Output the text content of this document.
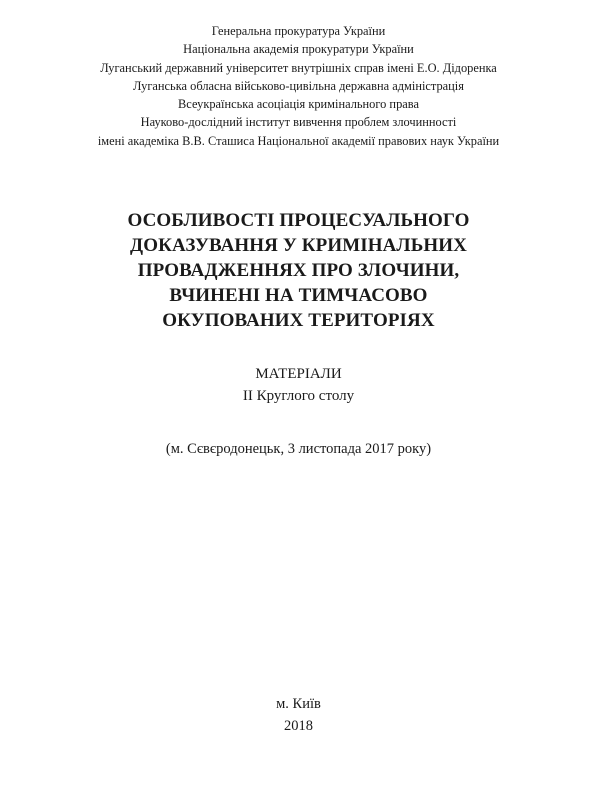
Генеральна прокуратура України
Національна академія прокуратури України
Луганський державний університет внутрішніх справ імені Е.О. Дідоренка
Луганська обласна військово-цивільна державна адміністрація
Всеукраїнська асоціація кримінального права
Науково-дослідний інститут вивчення проблем злочинності
імені академіка В.В. Сташиса Національної академії правових наук України
ОСОБЛИВОСТІ ПРОЦЕСУАЛЬНОГО
ДОКАЗУВАННЯ У КРИМІНАЛЬНИХ
ПРОВАДЖЕННЯХ ПРО ЗЛОЧИНИ,
ВЧИНЕНІ НА ТИМЧАСОВО
ОКУПОВАНИХ ТЕРИТОРІЯХ
МАТЕРІАЛИ
ІІ Круглого столу
(м. Сєвєродонецьк, 3 листопада 2017 року)
м. Київ
2018
